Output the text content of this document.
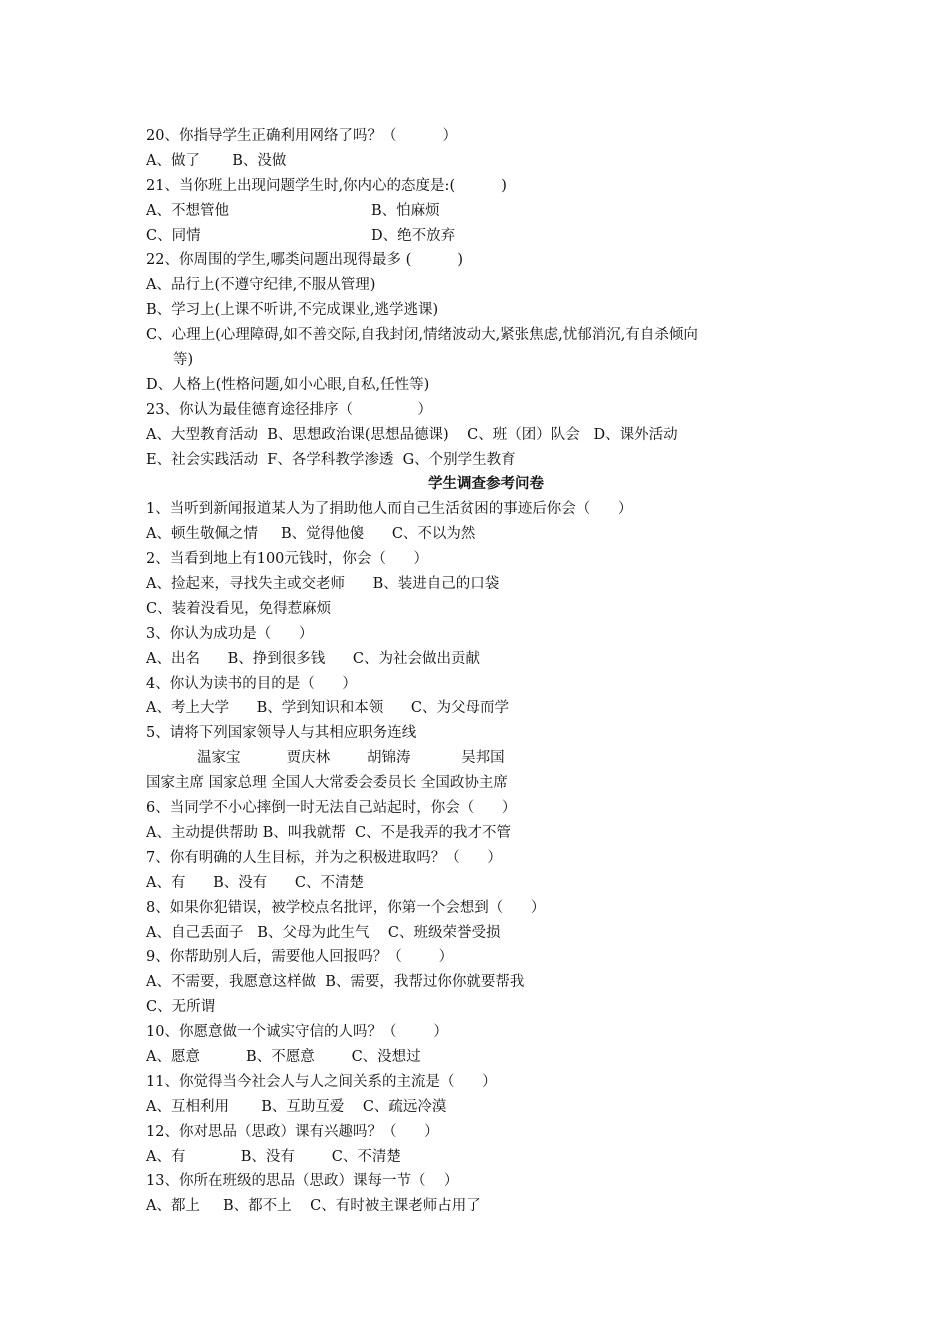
20、你指导学生正确利用网络了吗？（          ）
A、做了       B、没做
21、当你班上出现问题学生时,你内心的态度是:(          )
A、不想管他	B、怕麻烦
C、同情	D、绝不放弃
22、你周围的学生,哪类问题出现得最多 (          )
A、品行上(不遵守纪律,不服从管理)
B、学习上(上课不听讲,不完成课业,逃学逃课)
C、心理上(心理障碍,如不善交际,自我封闭,情绪波动大,紧张焦虑,忧郁消沉,有自杀倾向
等)
D、人格上(性格问题,如小心眼,自私,任性等)
23、你认为最佳德育途径排序（              ）
A、大型教育活动  B、思想政治课(思想品德课)    C、班（团）队会   D、课外活动
E、社会实践活动  F、各学科教学渗透  G、个别学生教育
学生调查参考问卷
1、当听到新闻报道某人为了捐助他人而自己生活贫困的事迹后你会（      ）
A、顿生敬佩之情     B、觉得他傻      C、不以为然
2、当看到地上有100元钱时，你会（      ）
A、捡起来，寻找失主或交老师      B、装进自己的口袋
C、装着没看见，免得惹麻烦
3、你认为成功是（      ）
A、出名      B、挣到很多钱      C、为社会做出贡献
4、你认为读书的目的是（      ）
A、考上大学      B、学到知识和本领      C、为父母而学
5、请将下列国家领导人与其相应职务连线
温家宝          贾庆林        胡锦涛           吴邦国
国家主席 国家总理 全国人大常委会委员长 全国政协主席
6、当同学不小心摔倒一时无法自己站起时，你会（      ）
A、主动提供帮助 B、叫我就帮  C、不是我弄的我才不管
7、你有明确的人生目标，并为之积极进取吗？（      ）
A、有      B、没有      C、不清楚
8、如果你犯错误，被学校点名批评，你第一个会想到（      ）
A、自己丢面子   B、父母为此生气    C、班级荣誉受损
9、你帮助别人后，需要他人回报吗？（        ）
A、不需要，我愿意这样做  B、需要，我帮过你你就要帮我
C、无所谓
10、你愿意做一个诚实守信的人吗？（        ）
A、愿意          B、不愿意        C、没想过
11、你觉得当今社会人与人之间关系的主流是（      ）
A、互相利用       B、互助互爱    C、疏远冷漠
12、你对思品（思政）课有兴趣吗？（      ）
A、有            B、没有        C、不清楚
13、你所在班级的思品（思政）课每一节（    ）
A、都上     B、都不上    C、有时被主课老师占用了
